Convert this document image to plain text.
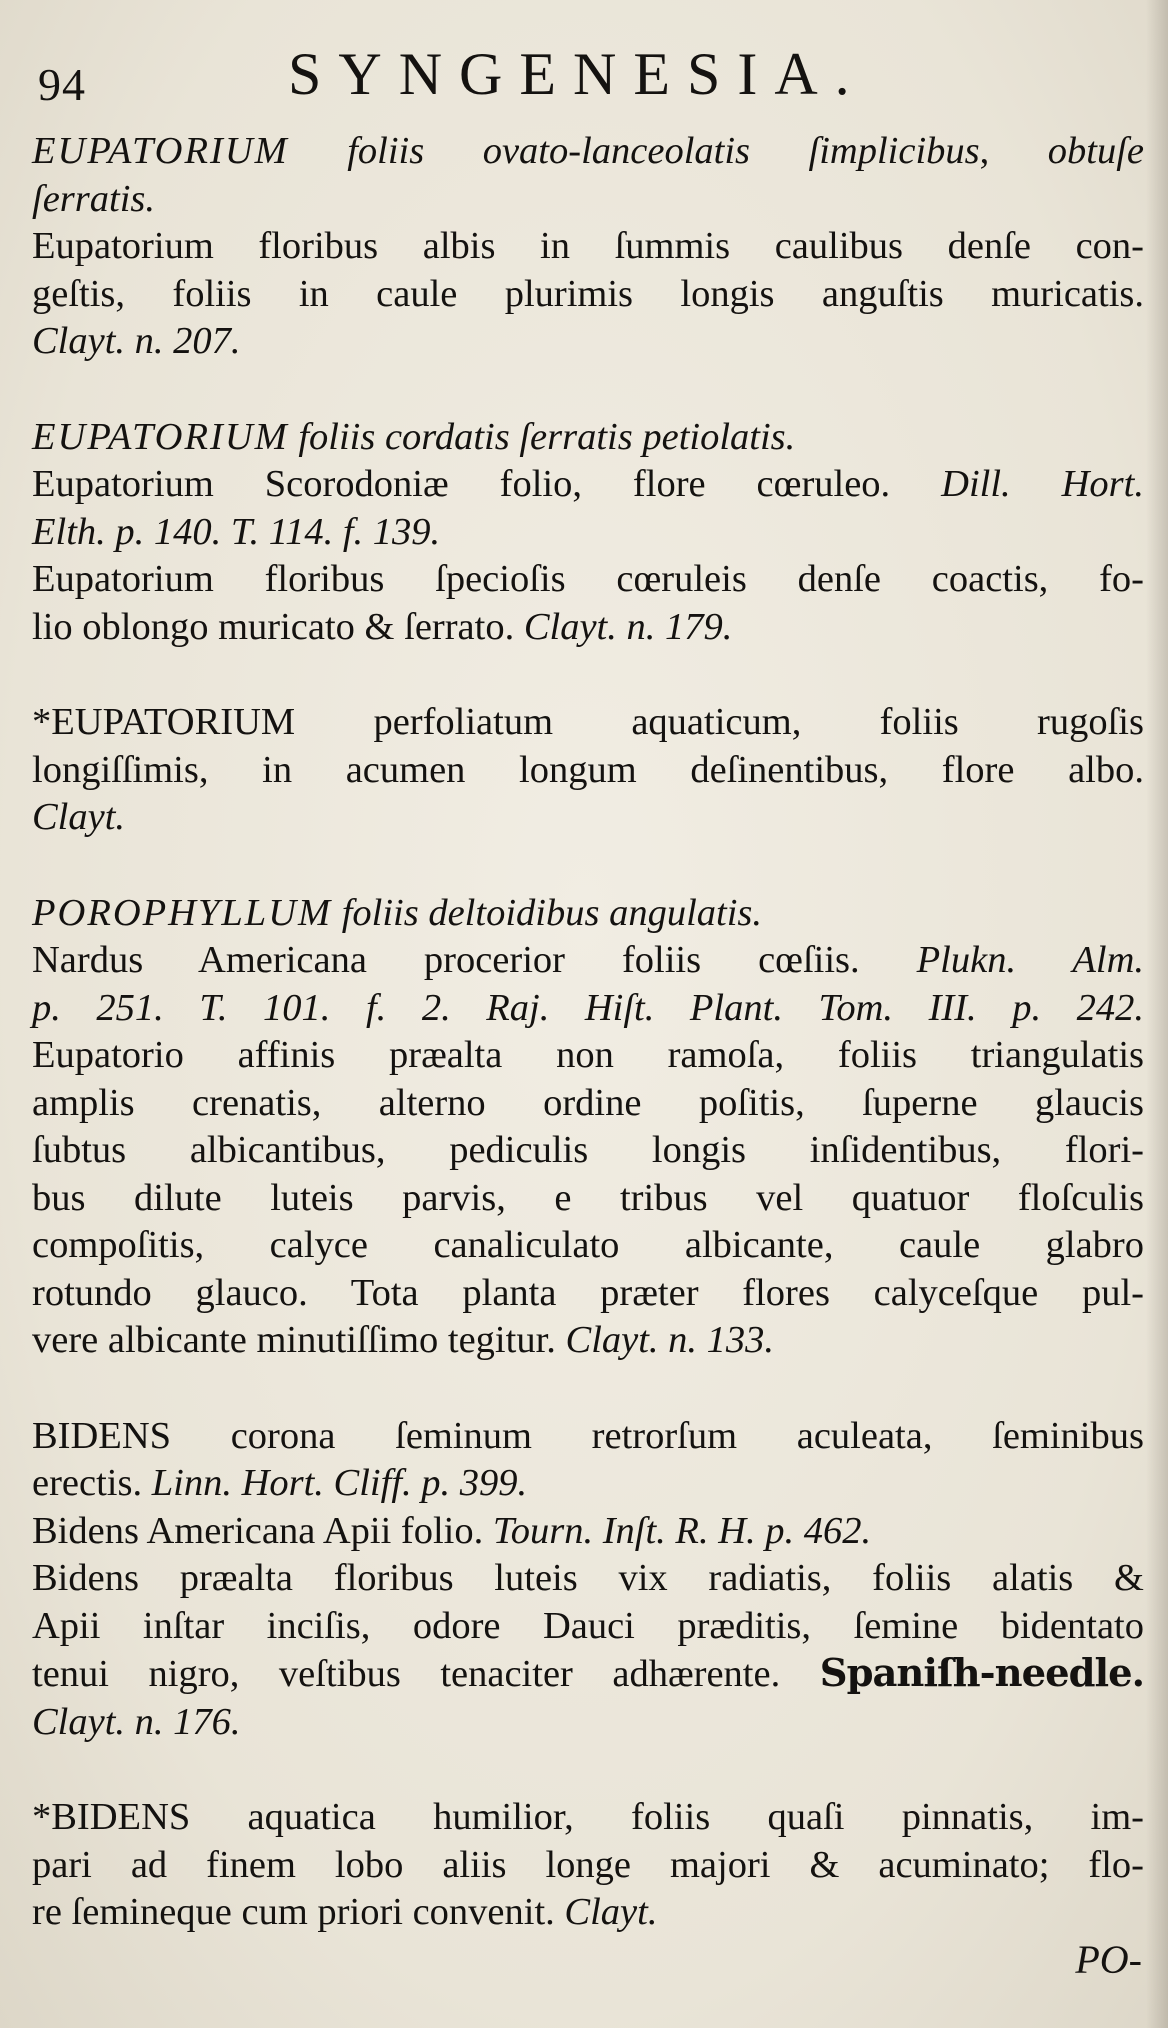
94	SYNGENESIA.
EUPATORIUM foliis ovato-lanceolatis ſimplicibus, obtuſe
ſerratis.
Eupatorium floribus albis in ſummis caulibus denſe con-
geſtis, foliis in caule plurimis longis anguſtis muricatis.
Clayt. n. 207.
EUPATORIUM foliis cordatis ſerratis petiolatis.
Eupatorium Scorodoniæ folio, flore cœruleo. Dill. Hort.
Elth. p. 140. T. 114. f. 139.
Eupatorium floribus ſpecioſis cœruleis denſe coactis, fo-
lio oblongo muricato & ſerrato. Clayt. n. 179.
*EUPATORIUM perfoliatum aquaticum, foliis rugoſis
longiſſimis, in acumen longum deſinentibus, flore albo.
Clayt.
POROPHYLLUM foliis deltoidibus angulatis.
Nardus Americana procerior foliis cœſiis. Plukn. Alm.
p. 251. T. 101. f. 2. Raj. Hiſt. Plant. Tom. III. p. 242.
Eupatorio affinis præalta non ramoſa, foliis triangulatis
amplis crenatis, alterno ordine poſitis, ſuperne glaucis
ſubtus albicantibus, pediculis longis inſidentibus, flori-
bus dilute luteis parvis, e tribus vel quatuor floſculis
compoſitis, calyce canaliculato albicante, caule glabro
rotundo glauco. Tota planta præter flores calyceſque pul-
vere albicante minutiſſimo tegitur. Clayt. n. 133.
BIDENS corona ſeminum retrorſum aculeata, ſeminibus
erectis. Linn. Hort. Cliff. p. 399.
Bidens Americana Apii folio. Tourn. Inſt. R. H. p. 462.
Bidens præalta floribus luteis vix radiatis, foliis alatis &
Apii inſtar inciſis, odore Dauci præditis, ſemine bidentato
tenui nigro, veſtibus tenaciter adhærente. Spaniſh-needle.
Clayt. n. 176.
*BIDENS aquatica humilior, foliis quaſi pinnatis, im-
pari ad finem lobo aliis longe majori & acuminato; flo-
re ſemineque cum priori convenit. Clayt.
PO-
